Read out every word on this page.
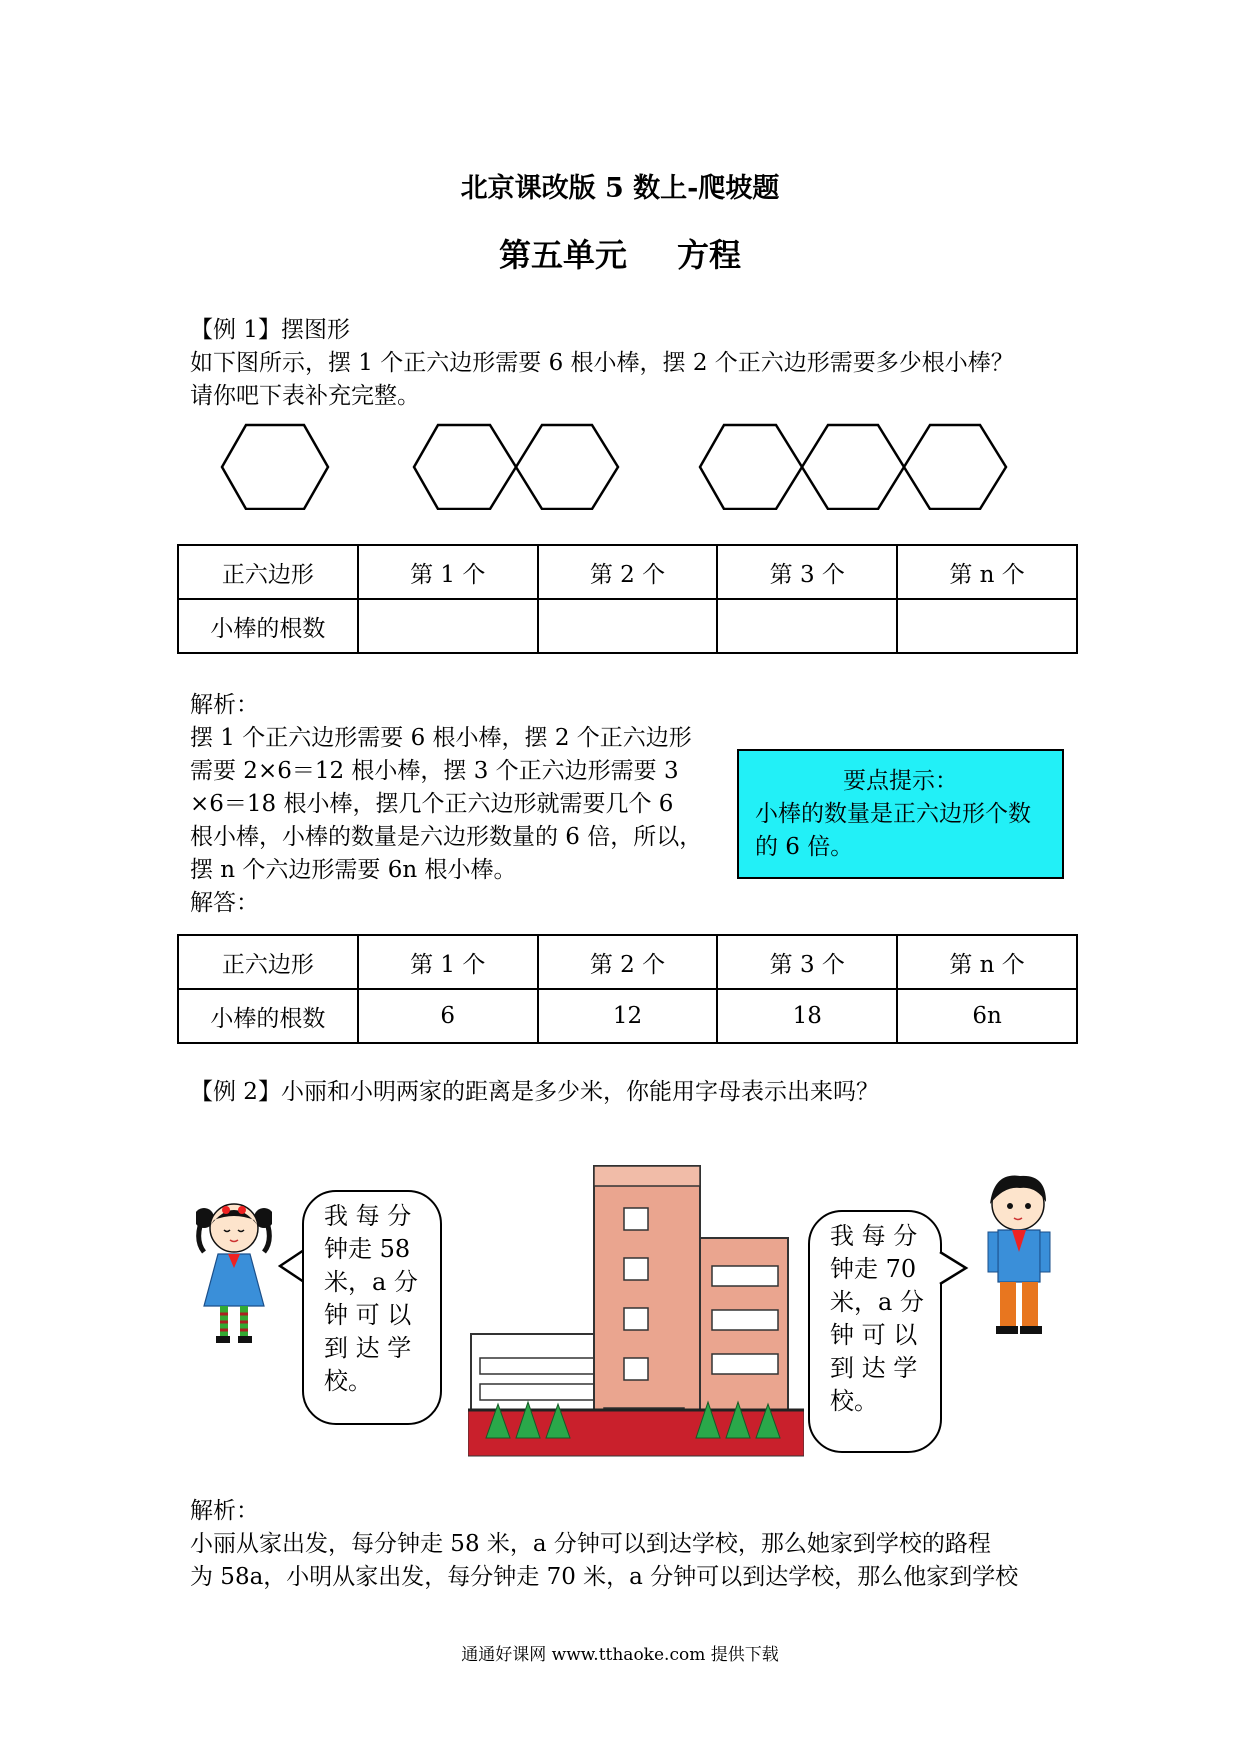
北京课改版 5 数上-爬坡题
第五单元 方程
【例 1】摆图形
如下图所示，摆 1 个正六边形需要 6 根小棒，摆 2 个正六边形需要多少根小棒？
请你吧下表补充完整。
正六边形	第 1 个	第 2 个	第 3 个	第 n 个
小棒的根数				
解析：
摆 1 个正六边形需要 6 根小棒，摆 2 个正六边形
需要 2×6＝12 根小棒，摆 3 个正六边形需要 3
×6＝18 根小棒，摆几个正六边形就需要几个 6
根小棒，小棒的数量是六边形数量的 6 倍，所以，
摆 n 个六边形需要 6n 根小棒。
解答：
要点提示：
小棒的数量是正六边形个数的 6 倍。
正六边形	第 1 个	第 2 个	第 3 个	第 n 个
小棒的根数	6	12	18	6n
【例 2】小丽和小明两家的距离是多少米，你能用字母表示出来吗？
我 每 分
钟走 58
米，a 分
钟 可 以
到 达 学
校。
我 每 分
钟走 70
米，a 分
钟 可 以
到 达 学
校。
解析：
小丽从家出发，每分钟走 58 米，a 分钟可以到达学校，那么她家到学校的路程
为 58a，小明从家出发，每分钟走 70 米，a 分钟可以到达学校，那么他家到学校
通通好课网 www.tthaoke.com 提供下载
